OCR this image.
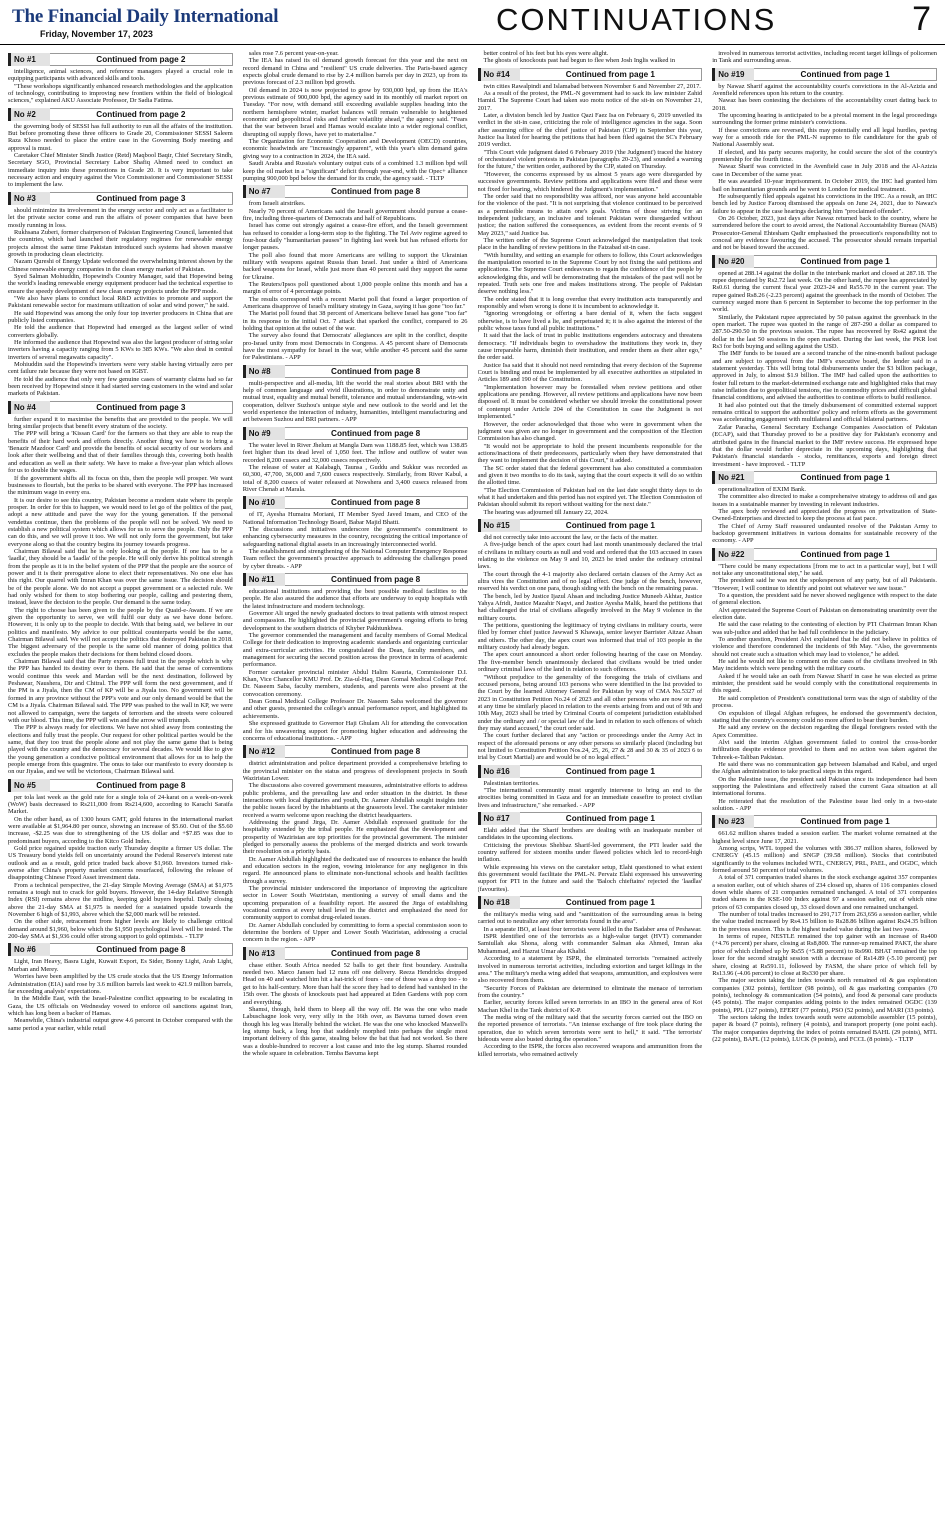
The Financial Daily International
Friday, November 17, 2023	CONTINUATIONS	7
No #1	Continued from page 2

intelligence, animal sciences, and reference managers played a crucial role in equipping participants with advanced skills and tools.

"These workshops significantly enhanced research methodologies and the application of technology, contributing to improving new frontiers within the field of biological sciences," explained AKU Associate Professor, Dr Sadia Fatima.

No #2	Continued from page 2

the governing body of SESSI has full authority to run all the affairs of the institution. But before promoting these three officers to Grade 20, Commissioner SESSI Saleem Raza Khoso needed to place the entire case in the Governing Body meeting and approval is must.

Caretaker Chief Minister Sindh Justice (Retd) Maqbool Baqir, Chief Secretary Sindh, Secretary SGO, Provincial Secretary Labor Shafiq Ahmed need to conduct an immediate inquiry into these promotions in Grade 20. It is very important to take necessary action and enquiry against the Vice Commissioner and Commissioner SESSI to implement the law.

No #3	Continued from page 3

should minimize its involvement in the energy sector and only act as a facilitator to let the private sector come and run the affairs of power companies that have been mostly running in loss.

Rukhsana Zuberi, former chairperson of Pakistan Engineering Council, lamented that the countries, which had launched their regulatory regimes for renewable energy projects almost the same time Pakistan introduced such systems had shown massive growth in producing clean electricity.

Nazam Qureshi of Energy Update welcomed the overwhelming interest shown by the Chinese renewable energy companies in the clean energy market of Pakistan.

Syed Salman Mohiuddin, Hopewind's Country Manager, said that Hopewind being the world's leading renewable energy equipment producer had the technical expertise to ensure the speedy development of new clean energy projects under the PPP mode.

"We also have plans to conduct local R&D activities to promote and support the Pakistani renewable sector for maximum utilization of solar and wind power," he said.

He said Hopewind was among the only four top inverter producers in China that are publicly listed companies.

He told the audience that Hopewind had emerged as the largest seller of wind converters globally.

He informed the audience that Hopewind was also the largest producer of string solar inverters having a capacity ranging from 5 KWs to 385 KWs. "We also deal in central inverters of several megawatts capacity".

Mohiuddin said the Hopewind's inverters were very stable having virtually zero per cent failure rate because they were not based on IGBT.

He told the audience that only very few genuine cases of warranty claims had so far been received by Hopewind since it had started serving customers in the wind and solar markets of Pakistan.

No #4	Continued from page 3

further expand it to maximise the benefits that are provided to the people. We will bring similar projects that benefit every stratum of the society.

The PPP will bring a 'Kissan Card' for the farmers so that they are able to reap the benefits of their hard work and efforts directly. Another thing we have is to bring a 'Benazir Mazdoor Card' and provide the benefits of social security of our workers and look after their wellbeing and that of their families through this, covering both health and education as well as their safety. We have to make a five-year plan which allows for us to double the wages.

If the government shifts all its focus on this, then the people will prosper. We want businesses to flourish, but the perks to be shared with everyone. The PPP has increased the minimum wage in every era.

It is our desire to see this country, Pakistan become a modern state where its people prosper. In order for this to happen, we would need to let go of the politics of the past, adopt a new attitude and pave the way for the young generation. If the personal vendettas continue, then the problems of the people will not be solved. We need to establish a new political system which allows for us to serve the people. Only the PPP can do this, and we will prove it too. We will not only form the government, but take everyone along so that the country begins its journey towards progress.

Chairman Bilawal said that he is only looking at the people. If one has to be a 'laadla', they should be a 'laadla' of the people. He will only derive his political strength from the people as it is in the belief system of the PPP that the people are the source of power and it is their prerogative alone to elect their representatives. No one else has this right. Our quarrel with Imran Khan was over the same issue. The decision should be of the people alone. We do not accept a puppet government or a selected rule. We had only wished for them to stop bothering our people, calling and pestering them, instead, leave the decision to the people. Our demand is the same today.

The right to choose has been given to the people by the Quaid-e-Awam. If we are given the opportunity to serve, we will fulfil our duty as we have done before. However, it is only up to the people to decide. With that being said, we believe in our politics and manifesto. My advice to our political counterparts would be the same, Chairman Bilawal said. We will not accept the politics that destroyed Pakistan in 2018. The biggest adversary of the people is the same old manner of doing politics that excludes the people makes their decisions for them behind closed doors.

Chairman Bilawal said that the Party exposes full trust in the people which is why the PPP has handed its destiny over to them. He said that the sense of conventions would continue this week and Mardan will be the next destination, followed by Peshawar, Naushera, Dir and Chitral. The PPP will form the next government, and if the PM is a Jiyala, then the CM of KP will be a Jiyala too. No government will be formed in any province without the PPP's vote and our only demand would be that the CM is a Jiyala. Chairman Bilawal said. The PPP was pushed to the wall in KP, we were not allowed to campaign, were the targets of terrorism and the streets were coloured with our blood. This time, the PPP will win and the arrow will triumph.

The PPP is always ready for elections. We have not shied away from contesting the elections and fully trust the people. Our request for other political parties would be the same, that they too trust the people alone and not play the same game that is being played with the country and the democracy for several decades. We would like to give the young generation a conducive political environment that allows for us to help the people emerge from this quagmire. The onus to take our manifesto to every doorstep is on our Jiyalas, and we will be victorious, Chairman Bilawal said.

No #5	Continued from page 8

per tola last week as the gold rate for a single tola of 24-karat on a week-on-week (WoW) basis decreased to Rs211,000 from Rs214,600, according to Karachi Saraifa Market.

On the other hand, as of 1300 hours GMT, gold futures in the international market were available at $1,964.80 per ounce, showing an increase of $5.60. Out of the $5.60 increase, -$2.25 was due to strengthening of the US dollar and +$7.85 was due to predominant buyers, according to the Kitco Gold Index.

Gold price regained upside traction early Thursday despite a firmer US dollar. The US Treasury bond yields fell on uncertainty around the Federal Reserve's interest rate outlook and as a result, gold price traded back above $1,960. Investors turned risk-averse after China's property market concerns resurfaced, following the release of disappointing Chinese Fixed Asset investment data.

From a technical perspective, the 21-day Simple Moving Average (SMA) at $1,975 remains a tough nut to crack for gold buyers. However, the 14-day Relative Strength Index (RSI) remains above the midline, keeping gold buyers hopeful. Daily closing above the 21-day SMA at $1,975 is needed for a sustained upside towards the November 6 high of $1,993, above which the $2,000 mark will be retested.

On the other side, retracement from higher levels are likely to challenge critical demand around $1,960, below which the $1,950 psychological level will be tested. The 200-day SMA at $1,936 could offer strong support to gold optimists. - TLTP

No #6	Continued from page 8

Light, Iran Heavy, Basra Light, Kuwait Export, Es Sider, Bonny Light, Arab Light, Murban and Merey.

Worries have been amplified by the US crude stocks that the US Energy Information Administration (EIA) said rose by 3.6 million barrels last week to 421.9 million barrels, far exceeding analysts' expectations.

In the Middle East, with the Israel-Palestine conflict appearing to be escalating in Gaza, the US officials on Wednesday vowed to enforce oil sanctions against Iran, which has long been a backer of Hamas.

Meanwhile, China's industrial output grew 4.6 percent in October compared with the same period a year earlier, while retail

sales rose 7.6 percent year-on-year.

The IEA has raised its oil demand growth forecast for this year and the next on record demand in China and "resilient" US crude deliveries. The Paris-based agency expects global crude demand to rise by 2.4 million barrels per day in 2023, up from its previous forecast of 2.3 million bpd growth.

Oil demand in 2024 is now projected to grow by 930,000 bpd, up from the IEA's previous estimate of 900,000 bpd, the agency said in its monthly oil market report on Tuesday. "For now, with demand still exceeding available supplies heading into the northern hemisphere winter, market balances will remain vulnerable to heightened economic and geopolitical risks and further volatility ahead," the agency said. "Fears that the war between Israel and Hamas would escalate into a wider regional conflict, disrupting oil supply flows, have yet to materialise."

The Organization for Economic Cooperation and Development (OECD) countries, economic headwinds are "increasingly apparent", with this year's slim demand gains giving way to a contraction in 2024, the IEA said.

Saudi Arabia and Russia's voluntary output cuts of a combined 1.3 million bpd will keep the oil market in a "significant" deficit through year-end, with the Opec+ alliance pumping 900,000 bpd below the demand for its crude, the agency said. - TLTP

No #7	Continued from page 8

from Israeli airstrikes.

Nearly 70 percent of Americans said the Israeli government should pursue a cease-fire, including three-quarters of Democrats and half of Republicans.

Israel has come out strongly against a cease-fire effort, and the Israeli government has refused to consider a long-term stop to the fighting. The Tel Aviv regime agreed to four-hour daily "humanitarian pauses" in fighting last week but has refused efforts for longer pauses.

The poll also found that more Americans are willing to support the Ukrainian military with weapons against Russia than Israel. Just under a third of Americans backed weapons for Israel, while just more than 40 percent said they support the same for Ukraine.

The Reuters/Ipsos poll questioned about 1,000 people online this month and has a margin of error of 4 percentage points.

The results correspond with a recent Marist poll that found a larger proportion of Americans disapprove of Israel's military strategy in Gaza, saying it has gone "too far."

The Marist poll found that 38 percent of Americans believe Israel has gone "too far" in its response to the initial Oct. 7 attack that sparked the conflict, compared to 26 holding that opinion at the outset of the war.

The survey also found that Democrats' allegiances are split in the conflict, despite pro-Israel unity from most Democrats in Congress. A 45 percent share of Democrats have the most sympathy for Israel in the war, while another 45 percent said the same for Palestinians. - APP

No #8	Continued from page 8

multi-perspective and all-media, lift the world the real stories about BRI with the help of common language and vivid illustrations, in order to demonstrate unity and mutual trust, equality and mutual benefit, tolerance and mutual understanding, win-win cooperation, deliver Suzhou's unique style and new outlook to the world and let the world experience the interaction of industry, humanities, intelligent manufacturing and art between Suzhou and BRI partners. - APP

No #9	Continued from page 8

The water level in River Jhelum at Mangla Dam was 1188.85 feet, which was 138.85 feet higher than its dead level of 1,050 feet. The inflow and outflow of water was recorded 8,200 cusecs and 32,000 cusecs respectively.

The release of water at Kalabagh, Taunsa , Guddu and Sukkur was recorded as 60,300, 47,700, 36,000 and 7,600 cusecs respectively. Similarly, from River Kabul, a total of 8,200 cusecs of water released at Nowshera and 3,400 cusecs released from River Chenab at Marala.

No #10	Continued from page 8

of IT, Ayesha Humaira Moriani, IT Member Syed Javed Imam, and CEO of the National Information Technology Board, Babar Majid Bhatti.

The discussions and initiatives underscore the government's commitment to enhancing cybersecurity measures in the country, recognizing the critical importance of safeguarding national digital assets in an increasingly interconnected world.

The establishment and strengthening of the National Computer Emergency Response Team reflect the government's proactive approach to addressing the challenges posed by cyber threats. - APP

No #11	Continued from page 8

educational institutions and providing the best possible medical facilities to the people. He also assured the audience that efforts are underway to equip hospitals with the latest infrastructure and modern technology.

Governor Ali urged the newly graduated doctors to treat patients with utmost respect and compassion. He highlighted the provincial government's ongoing efforts to bring development to the southern districts of Khyber Pakhtunkhwa.

The governor commended the management and faculty members of Gomal Medical College for their dedication to improving academic standards and organizing curricular and extra-curricular activities. He congratulated the Dean, faculty members, and management for securing the second position across the province in terms of academic performance.

Former caretaker provincial minister Abdul Halim Kasuria, Commissioner D.I. Khan, Vice Chancellor KMU Prof. Dr. Zia-ul-Haq, Dean Gomal Medical College Prof. Dr. Naseem Saba, faculty members, students, and parents were also present at the convocation ceremony.

Dean Gomal Medical College Professor Dr. Naseem Saba welcomed the governor and other guests, presented the college's annual performance report, and highlighted its achievements.

She expressed gratitude to Governor Haji Ghulam Ali for attending the convocation and for his unwavering support for promoting higher education and addressing the concerns of educational institutions. - APP

No #12	Continued from page 8

district administration and police department provided a comprehensive briefing to the provincial minister on the status and progress of development projects in South Waziristan Lower.

The discussions also covered government measures, administrative efforts to address public problems, and the prevailing law and order situation in the district. In these interactions with local dignitaries and youth, Dr. Aamer Abdullah sought insights into the public issues faced by the inhabitants at the grassroots level. The caretaker minister received a warm welcome upon reaching the district headquarters.

Addressing the grand Jirga, Dr. Aamer Abdullah expressed gratitude for the hospitality extended by the tribal people. He emphasized that the development and prosperity of Waziristan are top priorities for the provincial government. The minister pledged to personally assess the problems of the merged districts and work towards their resolution on a priority basis.

Dr. Aamer Abdullah highlighted the dedicated use of resources to enhance the health and education sectors in the region, vowing intolerance for any negligence in this regard. He announced plans to eliminate non-functional schools and health facilities through a survey.

The provincial minister underscored the importance of improving the agriculture sector in Lower South Waziristan, mentioning a survey of small dams and the upcoming preparation of a feasibility report. He assured the Jirga of establishing vocational centres at every tehsil level in the district and emphasized the need for community support to combat drug-related issues.

Dr. Aamer Abdullah concluded by committing to form a special commission soon to determine the borders of Upper and Lower South Waziristan, addressing a crucial concern in the region. - APP

No #13	Continued from page 8

chase either. South Africa needed 52 balls to get their first boundary. Australia needed two. Marco Jansen had 12 runs off one delivery. Reeza Hendricks dropped Head on 40 and watched him hit a hat-trick of fours - one of those was a drop too - to get to his half-century. More than half the score they had to defend had vanished in the 15th over. The ghosts of knockouts past had appeared at Eden Gardens with pop corn and everything.

Shamsi, though, held them to bleep all the way off. He was the one who made Labuschagne look very, very silly in the 16th over, as Bavuma turned down even though his leg was literally behind the wicket. He was the one who knocked Maxwell's leg stump back, a long hop that suddenly morphed into perhaps the single most important delivery of this game, stealing below the bat that had not worked. So there was a double-hundred to recover a lost cause and into the leg stump. Shamsi rounded the whole square in celebration. Temba Bavuma kept

better control of his feet but his eyes were alight.

The ghosts of knockouts past had begun to flee when Josh Inglis walked in

No #14	Continued from page 1

twin cities Rawalpindi and Islamabad between November 6 and November 27, 2017.

As a result of the protest, the PML-N government had to sack its law minister Zahid Hamid. The Supreme Court had taken suo motu notice of the sit-in on November 21, 2017.

Later, a division bench led by Justice Qazi Faez Isa on February 6, 2019 unveiled its verdict in the sit-in case, criticizing the role of intelligence agencies in the saga. Soon after assuming office of the chief justice of Pakistan (CJP) in September this year, Justice Isa listed for hearing the petitions that had been filed against the SC's February 2019 verdict.

"This Court vide judgment dated 6 February 2019 ('the Judgment') traced the history of orchestrated violent protests in Pakistan (paragraphs 20-23), and sounded a warning for the future," the written order, authored by the CJP, stated on Thursday.

"However, the concerns expressed by us almost 5 years ago were disregarded by successive governments. Review petitions and applications were filed and these were not fixed for hearing, which hindered the Judgment's implementation."

The order said that no responsibility was affixed, nor was anyone held accountable for the violence of the past. "It is not surprising that violence continued to be perceived as a permissible means to attain one's goals. Victims of those striving for an independent judiciary, an inclusive and tolerant Pakistan were disregarded without justice; the nation suffered the consequences, as evident from the recent events of 9 May 2023," said Justice Isa.

The written order of the Supreme Court acknowledged the manipulation that took place in the handling of review petitions in the Faizabad sit-in case.

"With humility, and setting an example for others to follow, this Court acknowledges the manipulation resorted to in the Supreme Court by not fixing the said petitions and applications. The Supreme Court endeavours to regain the confidence of the people by acknowledging this, and will be demonstrating that the mistakes of the past will not be repeated. Truth sets one free and makes institutions strong. The people of Pakistan deserve nothing less."

The order stated that it is long overdue that every institution acts transparently and responsibly and when wrong is done it is incumbent to acknowledge it.

"Ignoring wrongdoing or offering a bare denial of it, when the facts suggest otherwise, is to have lived a lie, and perpetuated it; it is also against the interest of the public whose taxes fund all public institutions."

It said that the lack of trust in public institutions engenders autocracy and threatens democracy. "If individuals begin to overshadow the institutions they work in, they cause irreparable harm, diminish their institution, and render them as their alter ego," the order said.

Justice Isa said that it should not need reminding that every decision of the Supreme Court is binding and must be implemented by all executive authorities as stipulated in Articles 189 and 190 of the Constitution.

"Implementation however may be forestalled when review petitions and other applications are pending. However, all review petitions and applications have now been disposed of. It must be considered whether we should invoke the constitutional power of contempt under Article 204 of the Constitution in case the Judgment is not implemented."

However, the order acknowledged that those who were in government when the judgment was given are no longer in government and the composition of the Election Commission has also changed.

"It would not be appropriate to hold the present incumbents responsible for the actions/inactions of their predecessors, particularly when they have demonstrated that they want to implement the decision of this Court," it added.

The SC order stated that the federal government has also constituted a commission and given it two months to do its task, saying that the court expects it will do so within the allotted time.

"The Election Commission of Pakistan had on the last date sought thirty days to do what it had undertaken and this period has not expired yet. The Election Commission of Pakistan should submit its report without waiting for the next date."

The hearing was adjourned till January 22, 2024.

No #15	Continued from page 1

did not correctly take into account the law, or the facts of the matter.

A five-judge bench of the apex court had last month unanimously declared the trial of civilians in military courts as null and void and ordered that the 103 accused in cases relating to the violence on May 9 and 10, 2023 be tried under the ordinary criminal laws.

The court through the 4-1 majority also declared certain clauses of the Army Act as ultra vires the Constitution and of no legal effect. One judge of the bench, however, reserved his verdict on one para, though siding with the bench on the remaining paras.

The bench, led by Justice Ijazul Ahsan and including Justice Muneeb Akhtar, Justice Yahya Afridi, Justice Mazahir Naqvi, and Justice Ayesha Malik, heard the petitions that had challenged the trial of civilians allegedly involved in the May 9 violence in the military courts.

The petitions, questioning the legitimacy of trying civilians in military courts, were filed by former chief justice Jawwad S Khawaja, senior lawyer Barrister Aitzaz Ahsan and others. The other day, the apex court was informed that trial of 103 people in the military custody had already begun.

The apex court announced a short order following hearing of the case on Monday. The five-member bench unanimously declared that civilians would be tried under ordinary criminal laws of the land in relation to such offences.

"Without prejudice to the generality of the foregoing the trials of civilians and accused persons, being around 103 persons who were identified in the list provided to the Court by the learned Attorney General for Pakistan by way of CMA No.5327 of 2023 in Constitution Petition No.24 of 2023 and all other persons who are now or may at any time be similarly placed in relation to the events arising from and out of 9th and 10th May, 2023 shall be tried by Criminal Courts of competent jurisdiction established under the ordinary and / or special law of the land in relation to such offences of which they may stand accused," the court order said.

The court further declared that any "action or proceedings under the Army Act in respect of the aforesaid persons or any other persons so similarly placed (including but not limited to Constitution Petition Nos.24, 25, 26, 27 & 28 and 30 & 35 of 2023 6 to trial by Court Martial) are and would be of no legal effect."

No #16	Continued from page 1

Palestinian territories.

"The international community must urgently intervene to bring an end to the atrocities being committed in Gaza and for an immediate ceasefire to protect civilian lives and infrastructure," she remarked. - APP

No #17	Continued from page 1

Elahi added that the Sharif brothers are dealing with an inadequate number of candidates in the upcoming elections.

Criticising the previous Shehbaz Sharif-led government, the PTI leader said the country suffered for sixteen months under flawed policies which led to record-high inflation.

While expressing his views on the caretaker setup, Elahi questioned to what extent this government would facilitate the PML-N. Pervaiz Elahi expressed his unwavering support for PTI in the future and said the 'Baloch chieftains' rejected the 'laadlas' (favourites).

No #18	Continued from page 1

the military's media wing said and "sanitization of the surrounding areas is being carried out to neutralize any other terrorists found in the area".

In a separate IBO, at least four terrorists were killed in the Badaber area of Peshawar.

ISPR identified one of the terrorists as a high-value target (HVT) commander Samiullah aka Shona, along with commander Salman aka Ahmed, Imran aka Muhammad, and Hazrat Umar aka Khalid.

According to a statement by ISPR, the eliminated terrorists "remained actively involved in numerous terrorist activities, including extortion and target killings in the area." The military's media wing added that weapons, ammunition, and explosives were also recovered from them.

"Security Forces of Pakistan are determined to eliminate the menace of terrorism from the country."

Earlier, security forces killed seven terrorists in an IBO in the general area of Kot Machan Khel in the Tank district of K-P.

The media wing of the military said that the security forces carried out the IBO on the reported presence of terrorists. "An intense exchange of fire took place during the operation, due to which seven terrorists were sent to hell," it said. "The terrorists' hideouts were also busted during the operation."

According to the ISPR, the forces also recovered weapons and ammunition from the killed terrorists, who remained actively

involved in numerous terrorist activities, including recent target killings of policemen in Tank and surrounding areas.

No #19	Continued from page 1

by Nawaz Sharif against the accountability court's convictions in the Al-Azizia and Avenfield references upon his return to the country.

Nawaz has been contesting the decisions of the accountability court dating back to 2018.

The upcoming hearing is anticipated to be a pivotal moment in the legal proceedings surrounding the former prime minister's convictions.

If these convictions are reversed, this may potentially end all legal hurdles, paving way for a smooth ride for the PML-N supremo to file candidature for the grab of National Assembly seat.

If elected, and his party secures majority, he could secure the slot of the country's premiership for the fourth time.

Nawaz Sharif was convicted in the Avenfield case in July 2018 and the Al-Azizia case in December of the same year.

He was awarded 10-year imprisonment. In October 2019, the IHC had granted him bail on humanitarian grounds and he went to London for medical treatment.

He subsequently filed appeals against his convictions in the IHC. As a result, an IHC bench led by Justice Farooq dismissed the appeals on June 24, 2021, due to Nawaz's failure to appear in the case hearings declaring him "proclaimed offender".

On 26 October, 2023, just days after Nawaz returned back to the country, where he surrendered before the court to avoid arrest, the National Accountability Bureau (NAB) Prosecutor-General Ehtesham Qadir emphasised the prosecution's responsibility not to conceal any evidence favouring the accused. The prosecutor should remain impartial and not be biased toward the accused.

No #20	Continued from page 1

opened at 288.14 against the dollar in the interbank market and closed at 287.18. The rupee depreciated by Rs2.72 last week. On the other hand, the rupee has appreciated by Rs0.61 during the current fiscal year 2023-24 and Rs55.70 in the current year. The rupee gained Rs8.26 (-2.23 percent) against the greenback in the month of October. The currency surged more than 6 percent in September to become the top performer in the world.

Similarly, the Pakistani rupee appreciated by 50 paisas against the greenback in the open market. The rupee was quoted in the range of 287-290 a dollar as compared to 287.50-290.50 in the previous session. The rupee has recovered by Rs42 against the dollar in the last 50 sessions in the open market. During the last week, the PKR lost Rs3 for both buying and selling against the USD.

The IMF funds to be issued are a second tranche of the nine-month bailout package and are subject to approval from the IMF's executive board, the lender said in a statement yesterday. This will bring total disbursements under the $3 billion package, approved in July, to almost $1.9 billion. The IMF had called upon the authorities to foster full return to the market-determined exchange rate and highlighted risks that may raise inflation due to geopolitical tensions, rise in commodity prices and difficult global financial conditions, and advised the authorities to continue efforts to build resilience.

It had also pointed out that the timely disbursement of committed external support remains critical to support the authorities' policy and reform efforts as the government was accelerating engagement with multilateral and official bilateral partners.

Zafar Paracha, General Secretary Exchange Companies Association of Pakistan (ECAP), said that Thursday proved to be a positive day for Pakistan's economy and attributed gains in the financial market to the IMF review success. He expressed hope that the dollar would further depreciate in the upcoming days, highlighting that Pakistan's financial standards - stocks, remittances, exports and foreign direct investment - have improved. - TLTP

No #21	Continued from page 1

operationalization of EXIM Bank.

The committee also directed to make a comprehensive strategy to address oil and gas issues in a sustainable manner by investing in relevant industries.

The apex body reviewed and appreciated the progress on privatization of State-Owned-Enterprises and directed to keep the process at fast pace.

The Chief of Army Staff reassured undaunted resolve of the Pakistan Army to backstop government initiatives in various domains for sustainable recovery of the economy. - APP

No #22	Continued from page 1

"There could be many expectations [from me to act in a particular way], but I will not take any unconstitutional step," he said.

The president said he was not the spokesperson of any party, but of all Pakistanis. "However, I will continue to identify and point out whatever we saw issue."

To a question, the president said he never showed negligence with respect to the date of general election.

Alvi appreciated the Supreme Court of Pakistan on demonstrating unanimity over the election date.

He said the case relating to the contesting of election by PTI Chairman Imran Khan was sub-judice and added that he had full confidence in the judiciary.

To another question, President Alvi explained that he did not believe in politics of violence and therefore condemned the incidents of 9th May. "Also, the governments should not create such a situation which may lead to violence," he added.

He said he would not like to comment on the cases of the civilians involved in 9th May incidents which were pending with the military courts.

Asked if he would take an oath from Nawaz Sharif in case he was elected as prime minister, the president said he would comply with the constitutional requirements in this regard.

He said completion of President's constitutional term was the sign of stability of the process.

On expulsion of illegal Afghan refugees, he endorsed the government's decision, stating that the country's economy could no more afford to bear their burden.

He said any review on the decision regarding the illegal foreigners rested with the Apex Committee.

Alvi said the interim Afghan government failed to control the cross-border infiltration despite evidence provided to them and no action was taken against the Tehreek-e-Taliban Pakistan.

He said there was no communication gap between Islamabad and Kabul, and urged the Afghan administration to take practical steps in this regard.

On the Palestine issue, the president said Pakistan since its independence had been supporting the Palestinians and effectively raised the current Gaza situation at all international forums.

He reiterated that the resolution of the Palestine issue lied only in a two-state solution. - APP

No #23	Continued from page 1

661.62 million shares traded a session earlier. The market volume remained at the highest level since June 17, 2021.

Among scrips, WTL topped the volumes with 386.37 million shares, followed by CNERGY (45.15 million) and SNGP (39.58 million). Stocks that contributed significantly to the volumes included WTL, CNERGY, PRL, PAEL, and OGDC, which formed around 50 percent of total volumes.

A total of 371 companies traded shares in the stock exchange against 357 companies a session earlier, out of which shares of 234 closed up, shares of 116 companies closed down while shares of 21 companies remained unchanged. A total of 371 companies traded shares in the KSE-100 Index against 97 a session earlier, out of which nine prices of 63 companies closed up, 33 closed down and one remained unchanged.

The number of total trades increased to 291,717 from 263,656 a session earlier, while the value traded increased by Rs4.15 billion to Rs28.86 billion against Rs24.35 billion in the previous session. This is the highest traded value during the last two years.

In terms of rupee, NESTLE remained the top gainer with an increase of Rs400 (+4.76 percent) per share, closing at Rs8,800. The runner-up remained PAKT, the share price of which climbed up by Rs55 (+5.88 percent) to Rs990. BHAT remained the top loser for the second straight session with a decrease of Rs14.89 (-5.10 percent) per share, closing at Rs591.11, followed by FASM, the share price of which fell by Rs13.96 (-4.06 percent) to close at Rs330 per share.

The major sectors taking the index towards north remained oil & gas exploration companies (302 points), fertilizer (98 points), oil & gas marketing companies (70 points), technology & communication (54 points), and food & personal care products (45 points). The major companies adding points to the index remained OGDC (139 points), PPL (127 points), EFERT (77 points), PSO (52 points), and MARI (33 points).

The sectors taking the index towards south were automobile assembler (15 points), paper & board (7 points), refinery (4 points), and transport property (one point each). The major companies depriving the index of points remained BAHL (29 points), MTL (22 points), BAFL (12 points), LUCK (9 points), and FCCL (8 points). - TLTP
